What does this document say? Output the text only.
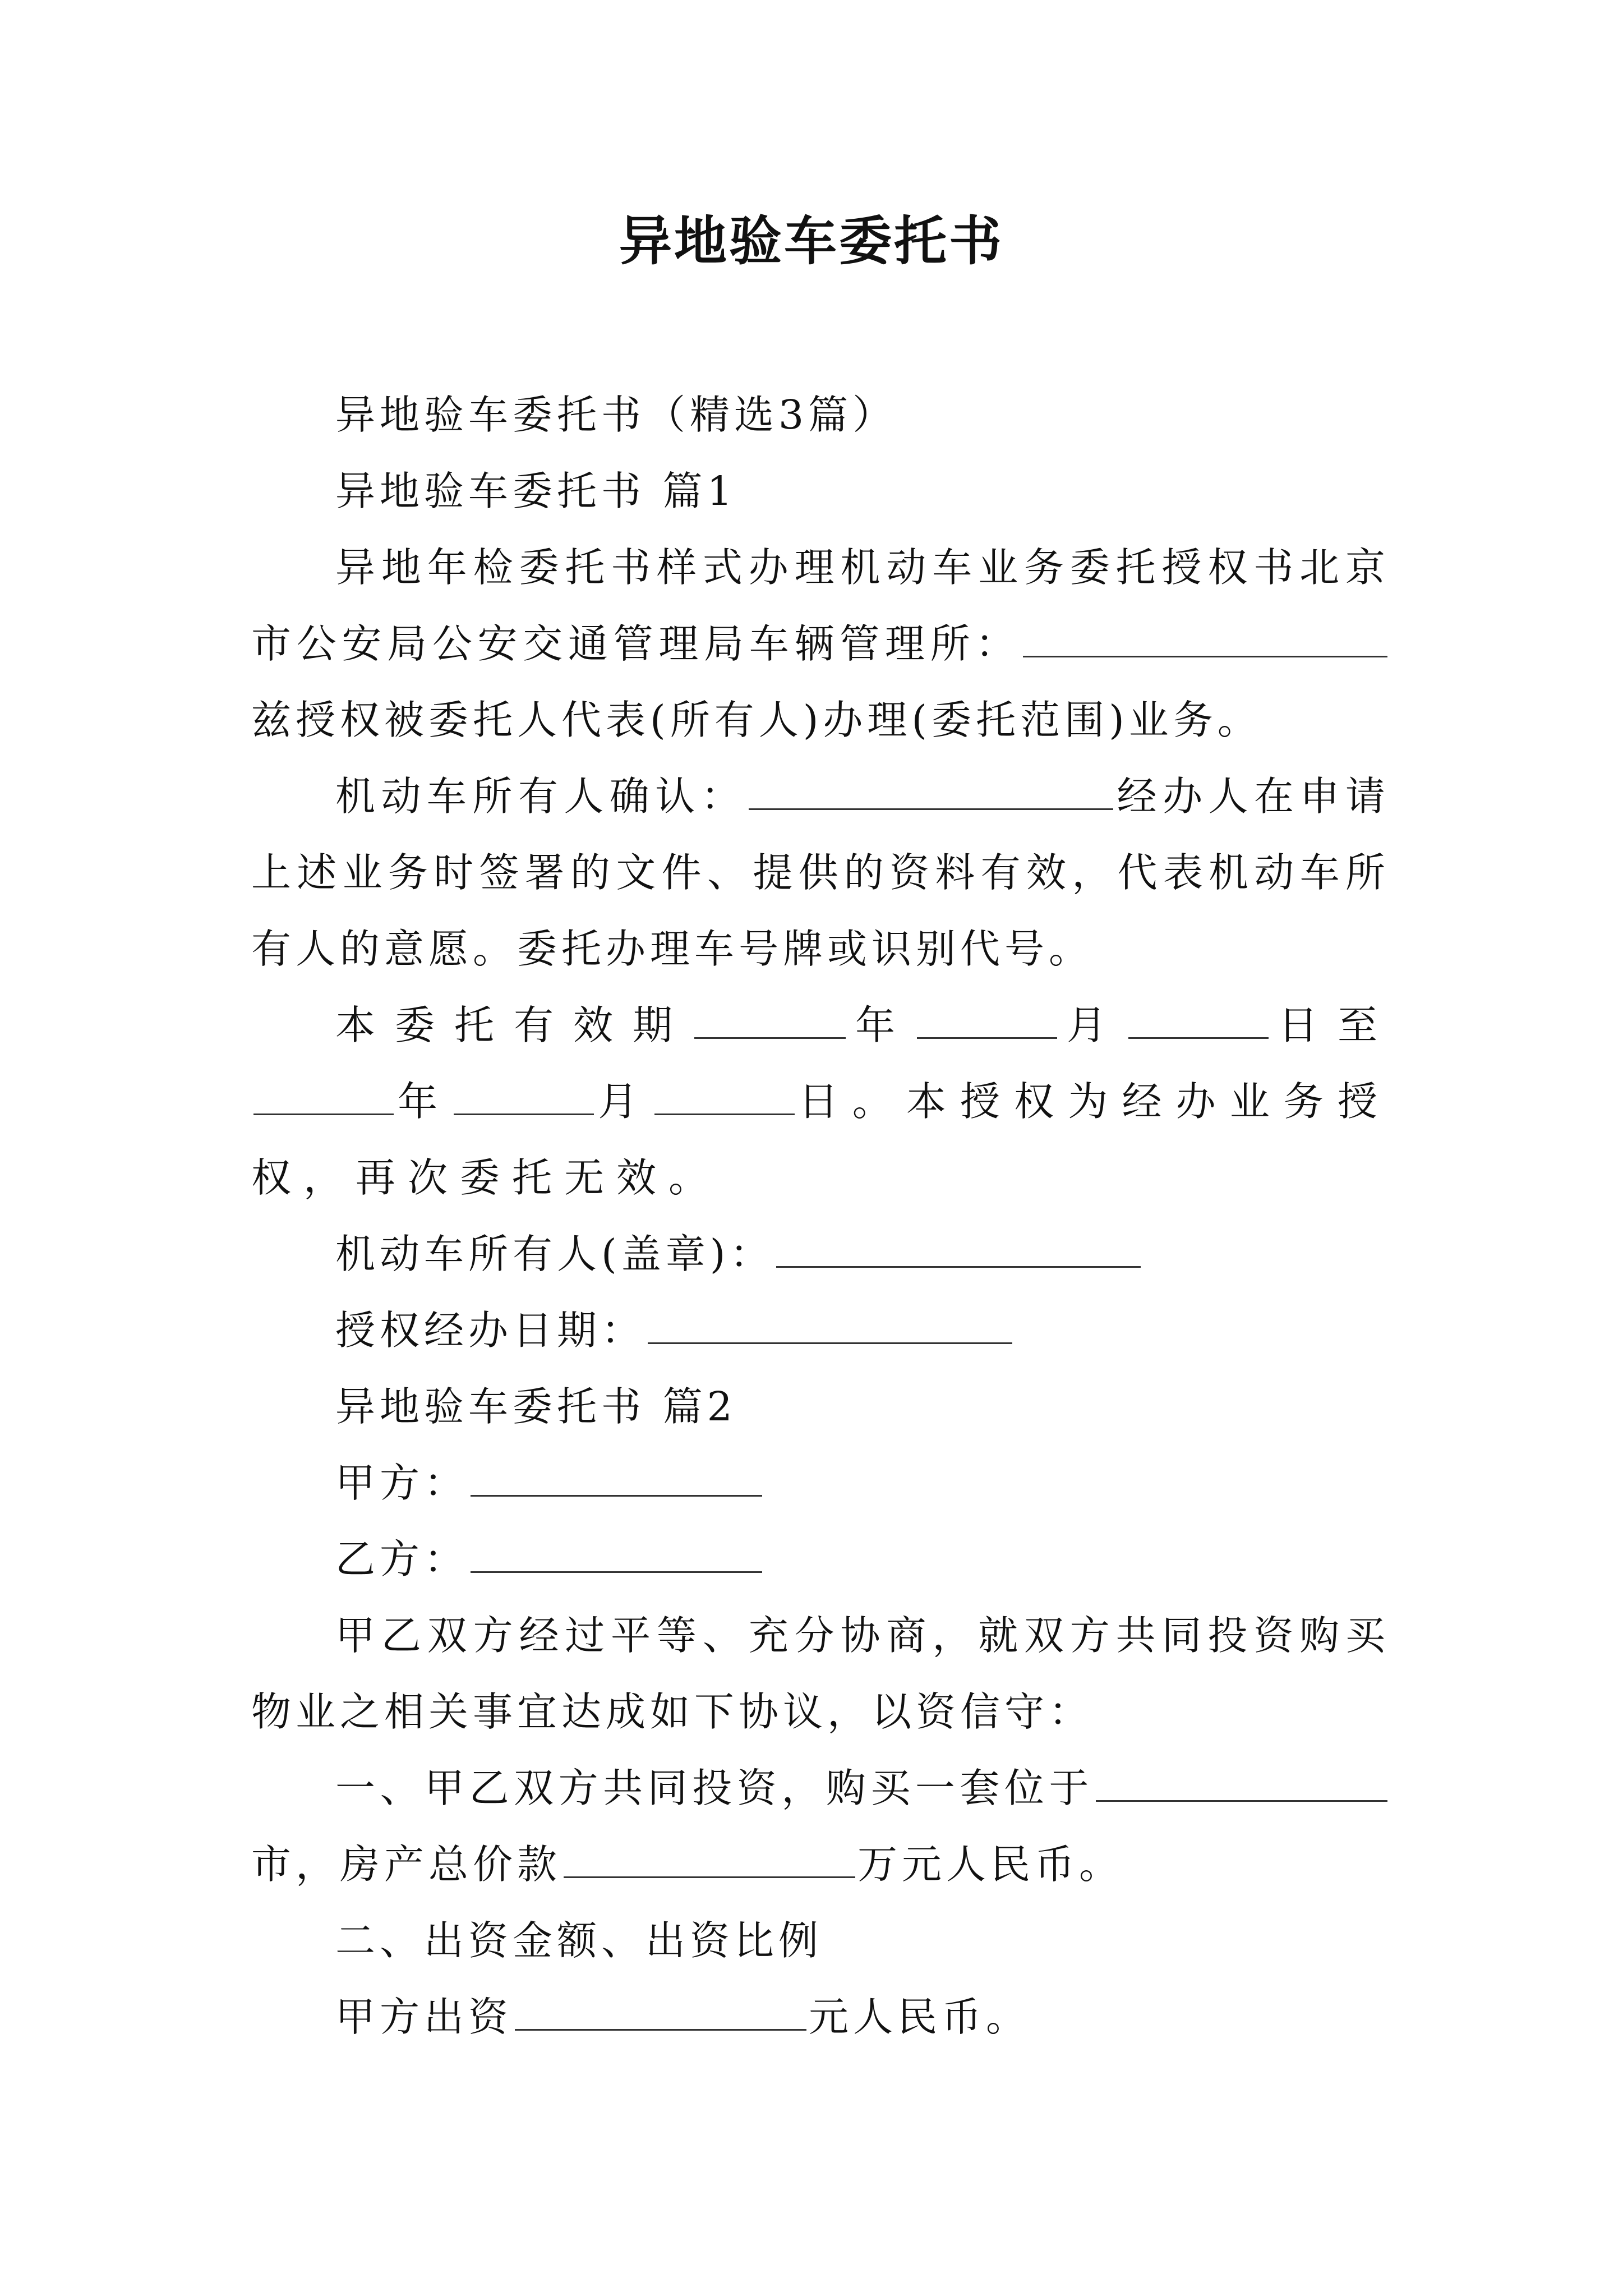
异地验车委托书

异地验车委托书（精选3篇）

异地验车委托书 篇1

异地年检委托书样式办理机动车业务委托授权书北京市公安局公安交通管理局车辆管理所：兹授权被委托人代表(所有人)办理(委托范围)业务。

机动车所有人确认：	经办人在申请上述业务时签署的文件、提供的资料有效，代表机动车所有人的意愿。委托办理车号牌或识别代号。

本委托有效期	年	月	日至年	月	日。本授权为经办业务授权，再次委托无效。

机动车所有人(盖章)：

授权经办日期：

异地验车委托书 篇2

甲方：

乙方：

甲乙双方经过平等、充分协商，就双方共同投资购买物业之相关事宜达成如下协议，以资信守：

一、甲乙双方共同投资，购买一套位于市，房产总价款	万元人民币。

二、出资金额、出资比例

甲方出资	元人民币。
